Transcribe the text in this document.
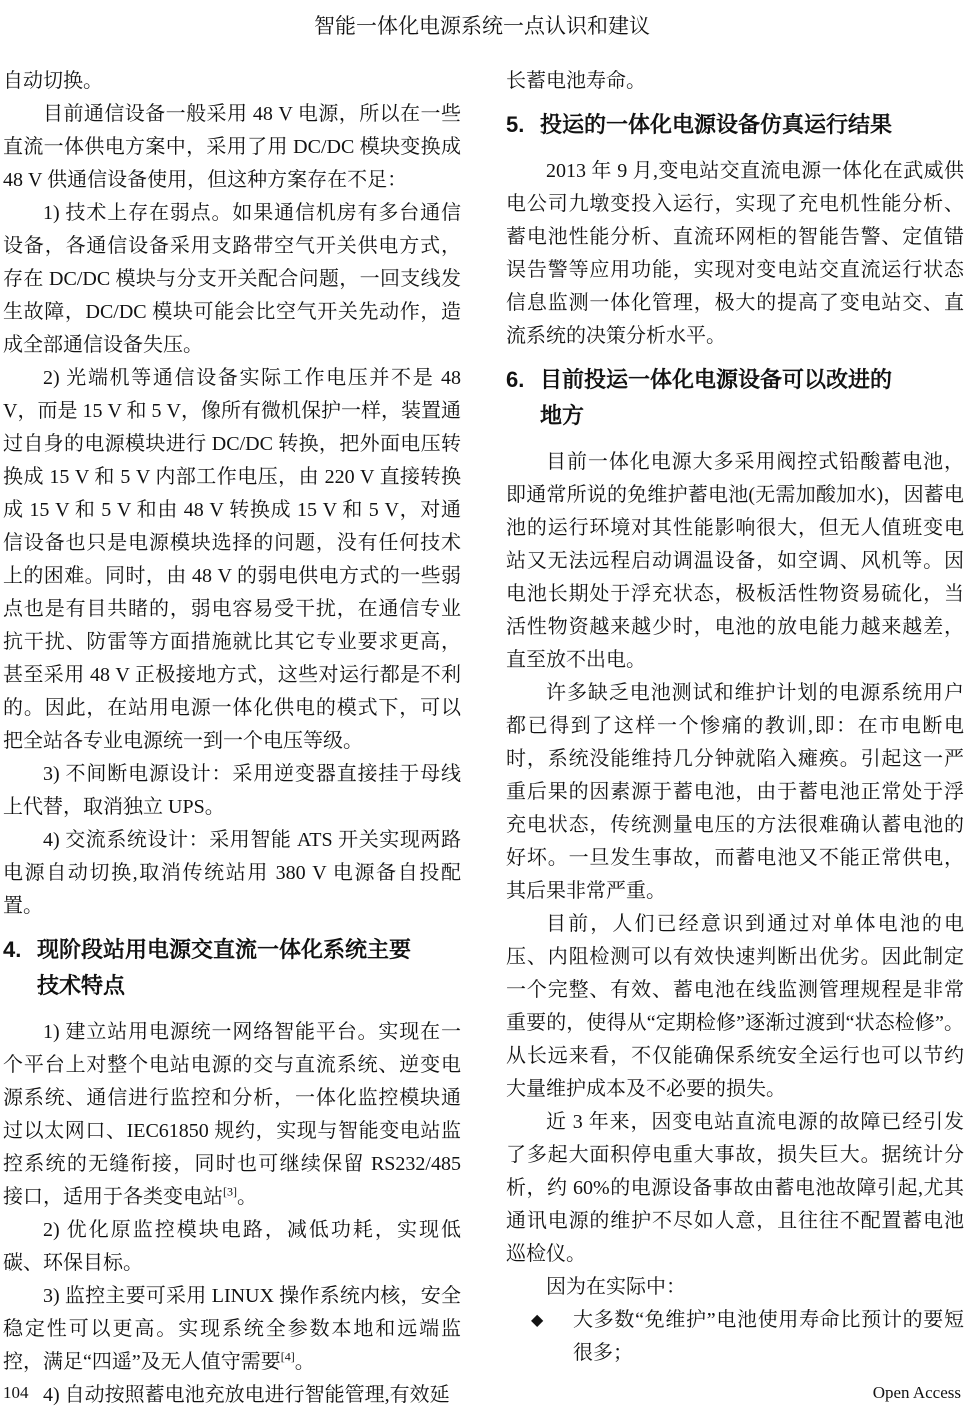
智能一体化电源系统一点认识和建议

自动切换。

目前通信设备一般采用 48 V 电源，所以在一些直流一体供电方案中，采用了用 DC/DC 模块变换成 48 V 供通信设备使用，但这种方案存在不足：

1) 技术上存在弱点。如果通信机房有多台通信设备，各通信设备采用支路带空气开关供电方式，存在 DC/DC 模块与分支开关配合问题，一回支线发生故障，DC/DC 模块可能会比空气开关先动作，造成全部通信设备失压。

2) 光端机等通信设备实际工作电压并不是 48 V，而是 15 V 和 5 V，像所有微机保护一样，装置通过自身的电源模块进行 DC/DC 转换，把外面电压转换成 15 V 和 5 V 内部工作电压，由 220 V 直接转换成 15 V 和 5 V 和由 48 V 转换成 15 V 和 5 V，对通信设备也只是电源模块选择的问题，没有任何技术上的困难。同时，由 48 V 的弱电供电方式的一些弱点也是有目共睹的，弱电容易受干扰，在通信专业抗干扰、防雷等方面措施就比其它专业要求更高，甚至采用 48 V 正极接地方式，这些对运行都是不利的。因此，在站用电源一体化供电的模式下，可以把全站各专业电源统一到一个电压等级。

3) 不间断电源设计：采用逆变器直接挂于母线上代替，取消独立 UPS。

4) 交流系统设计：采用智能 ATS 开关实现两路电源自动切换,取消传统站用 380 V 电源备自投配置。

4. 现阶段站用电源交直流一体化系统主要
技术特点

1) 建立站用电源统一网络智能平台。实现在一个平台上对整个电站电源的交与直流系统、逆变电源系统、通信进行监控和分析，一体化监控模块通过以太网口、IEC61850 规约，实现与智能变电站监控系统的无缝衔接，同时也可继续保留 RS232/485 接口，适用于各类变电站[3]。

2) 优化原监控模块电路，减低功耗，实现低碳、环保目标。

3) 监控主要可采用 LINUX 操作系统内核，安全稳定性可以更高。实现系统全参数本地和远端监控，满足“四遥”及无人值守需要[4]。

4) 自动按照蓄电池充放电进行智能管理,有效延

长蓄电池寿命。

5. 投运的一体化电源设备仿真运行结果

2013 年 9 月,变电站交直流电源一体化在武威供电公司九墩变投入运行，实现了充电机性能分析、蓄电池性能分析、直流环网柜的智能告警、定值错误告警等应用功能，实现对变电站交直流运行状态信息监测一体化管理，极大的提高了变电站交、直流系统的决策分析水平。

6. 目前投运一体化电源设备可以改进的
地方

目前一体化电源大多采用阀控式铅酸蓄电池，即通常所说的免维护蓄电池(无需加酸加水)，因蓄电池的运行环境对其性能影响很大，但无人值班变电站又无法远程启动调温设备，如空调、风机等。因电池长期处于浮充状态，极板活性物资易硫化，当活性物资越来越少时，电池的放电能力越来越差，直至放不出电。

许多缺乏电池测试和维护计划的电源系统用户都已得到了这样一个惨痛的教训,即：在市电断电时，系统没能维持几分钟就陷入瘫痪。引起这一严重后果的因素源于蓄电池，由于蓄电池正常处于浮充电状态，传统测量电压的方法很难确认蓄电池的好坏。一旦发生事故，而蓄电池又不能正常供电，其后果非常严重。

目前，人们已经意识到通过对单体电池的电压、内阻检测可以有效快速判断出优劣。因此制定一个完整、有效、蓄电池在线监测管理规程是非常重要的，使得从“定期检修”逐渐过渡到“状态检修”。从长远来看，不仅能确保系统安全运行也可以节约大量维护成本及不必要的损失。

近 3 年来，因变电站直流电源的故障已经引发了多起大面积停电重大事故，损失巨大。据统计分析，约 60%的电源设备事故由蓄电池故障引起,尤其通讯电源的维护不尽如人意，且往往不配置蓄电池巡检仪。

因为在实际中：

◆	大多数“免维护”电池使用寿命比预计的要短很多；
104	Open Access
